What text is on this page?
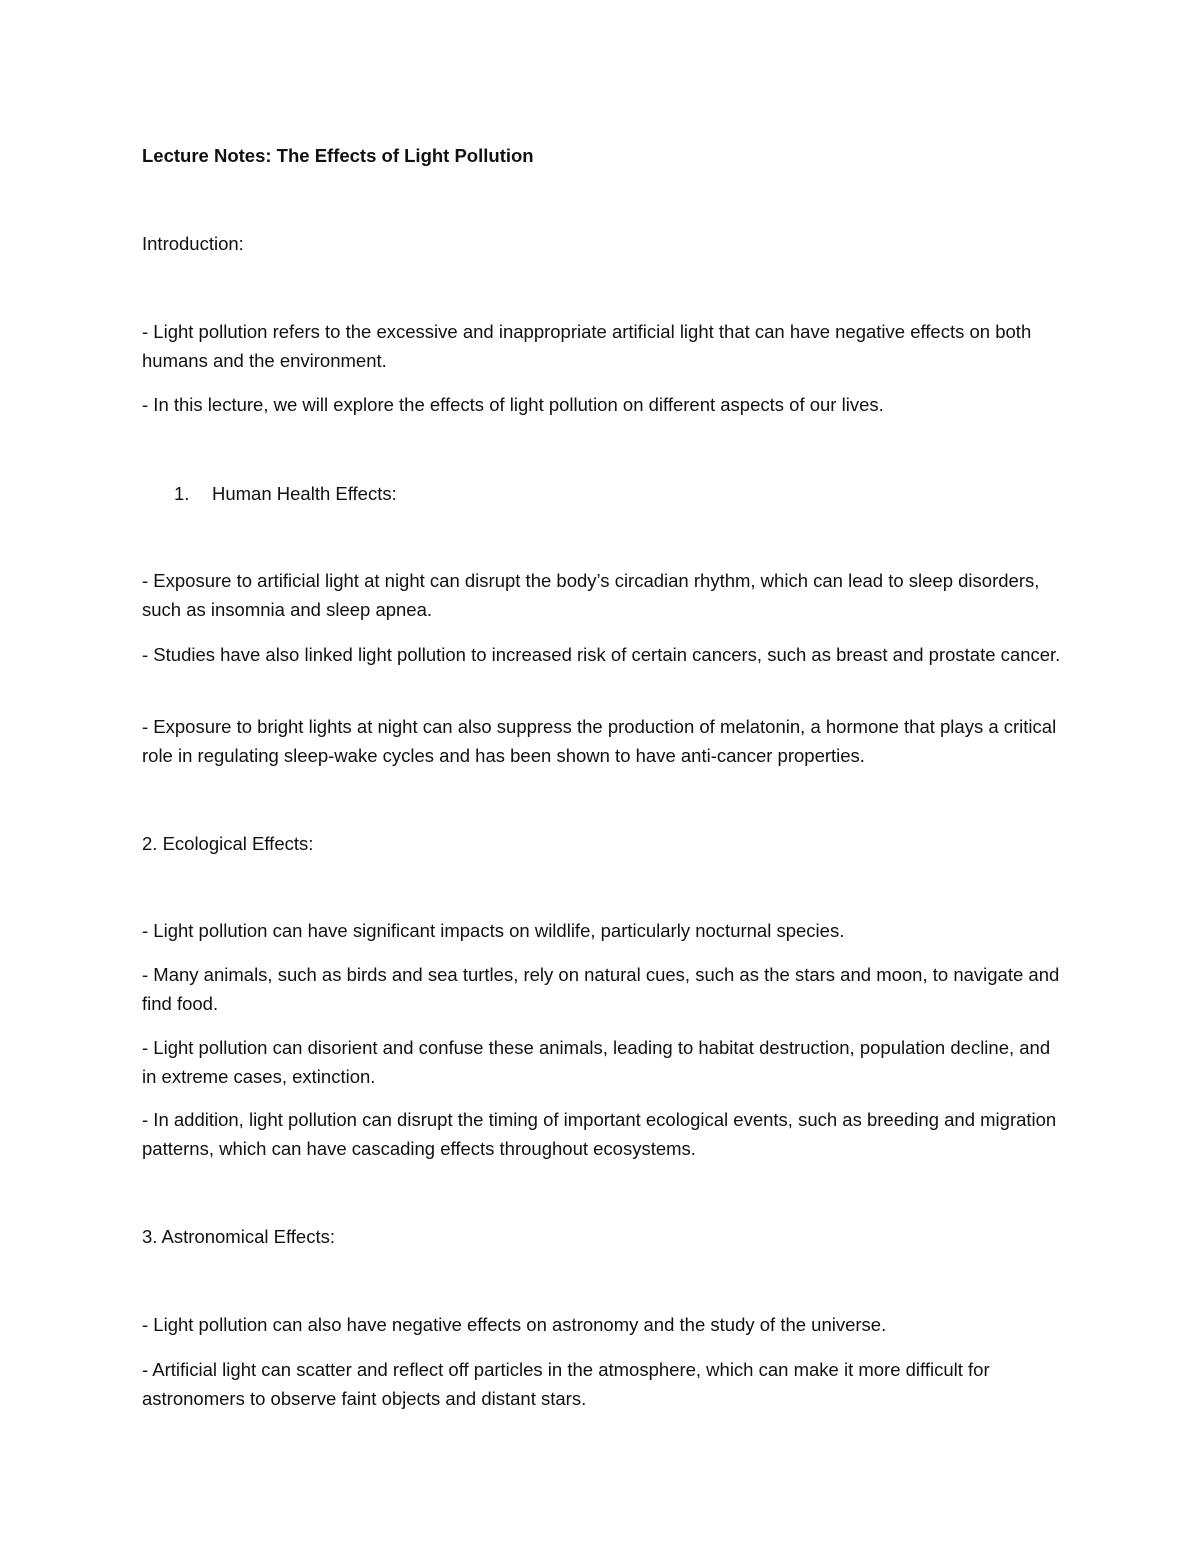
Lecture Notes: The Effects of Light Pollution
Introduction:
- Light pollution refers to the excessive and inappropriate artificial light that can have negative effects on both humans and the environment.
- In this lecture, we will explore the effects of light pollution on different aspects of our lives.
1. Human Health Effects:
- Exposure to artificial light at night can disrupt the body’s circadian rhythm, which can lead to sleep disorders, such as insomnia and sleep apnea.
- Studies have also linked light pollution to increased risk of certain cancers, such as breast and prostate cancer.
- Exposure to bright lights at night can also suppress the production of melatonin, a hormone that plays a critical role in regulating sleep-wake cycles and has been shown to have anti-cancer properties.
2. Ecological Effects:
- Light pollution can have significant impacts on wildlife, particularly nocturnal species.
- Many animals, such as birds and sea turtles, rely on natural cues, such as the stars and moon, to navigate and find food.
- Light pollution can disorient and confuse these animals, leading to habitat destruction, population decline, and in extreme cases, extinction.
- In addition, light pollution can disrupt the timing of important ecological events, such as breeding and migration patterns, which can have cascading effects throughout ecosystems.
3. Astronomical Effects:
- Light pollution can also have negative effects on astronomy and the study of the universe.
- Artificial light can scatter and reflect off particles in the atmosphere, which can make it more difficult for astronomers to observe faint objects and distant stars.
